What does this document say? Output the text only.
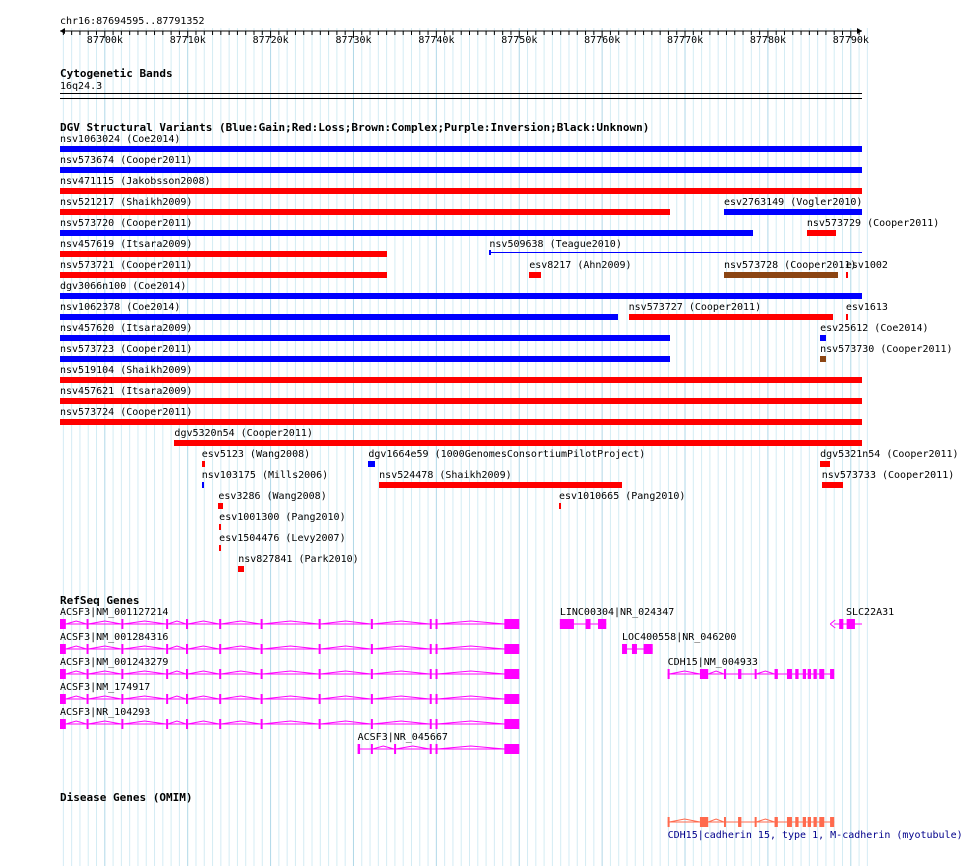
chr16:87694595..87791352
Cytogenetic Bands
16q24.3
DGV Structural Variants (Blue:Gain;Red:Loss;Brown:Complex;Purple:Inversion;Black:Unknown)
nsv1063024 (Coe2014)
nsv573674 (Cooper2011)
nsv471115 (Jakobsson2008)
nsv521217 (Shaikh2009)	esv2763149 (Vogler2010)
nsv573720 (Cooper2011)	nsv573729 (Cooper2011)
nsv457619 (Itsara2009)	nsv509638 (Teague2010)
nsv573721 (Cooper2011)	esv8217 (Ahn2009)	nsv573728 (Cooper2011)
esv1002
dgv3066n100 (Coe2014)
nsv1062378 (Coe2014)	nsv573727 (Cooper2011)	esv1613
nsv457620 (Itsara2009)	esv25612 (Coe2014)
nsv573723 (Cooper2011)	nsv573730 (Cooper2011)
nsv519104 (Shaikh2009)
nsv457621 (Itsara2009)
nsv573724 (Cooper2011)
dgv5320n54 (Cooper2011)
esv5123 (Wang2008)	dgv1664e59 (1000GenomesConsortiumPilotProject)	dgv5321n54 (Cooper2011)
nsv103175 (Mills2006)	nsv524478 (Shaikh2009)	nsv573733 (Cooper2011)
esv3286 (Wang2008)	esv1010665 (Pang2010)
esv1001300 (Pang2010)
esv1504476 (Levy2007)
nsv827841 (Park2010)
RefSeq Genes
Disease Genes (OMIM)
87700k	87710k	87720k	87730k	87740k	87750k	87760k	87770k	87780k	87790k
ACSF3|NM_001127214	LINC00304|NR_024347	SLC22A31
ACSF3|NM_001284316	LOC400558|NR_046200
ACSF3|NM_001243279	CDH15|NM_004933
ACSF3|NM_174917
ACSF3|NR_104293
ACSF3|NR_045667
CDH15|cadherin 15, type 1, M-cadherin (myotubule)
